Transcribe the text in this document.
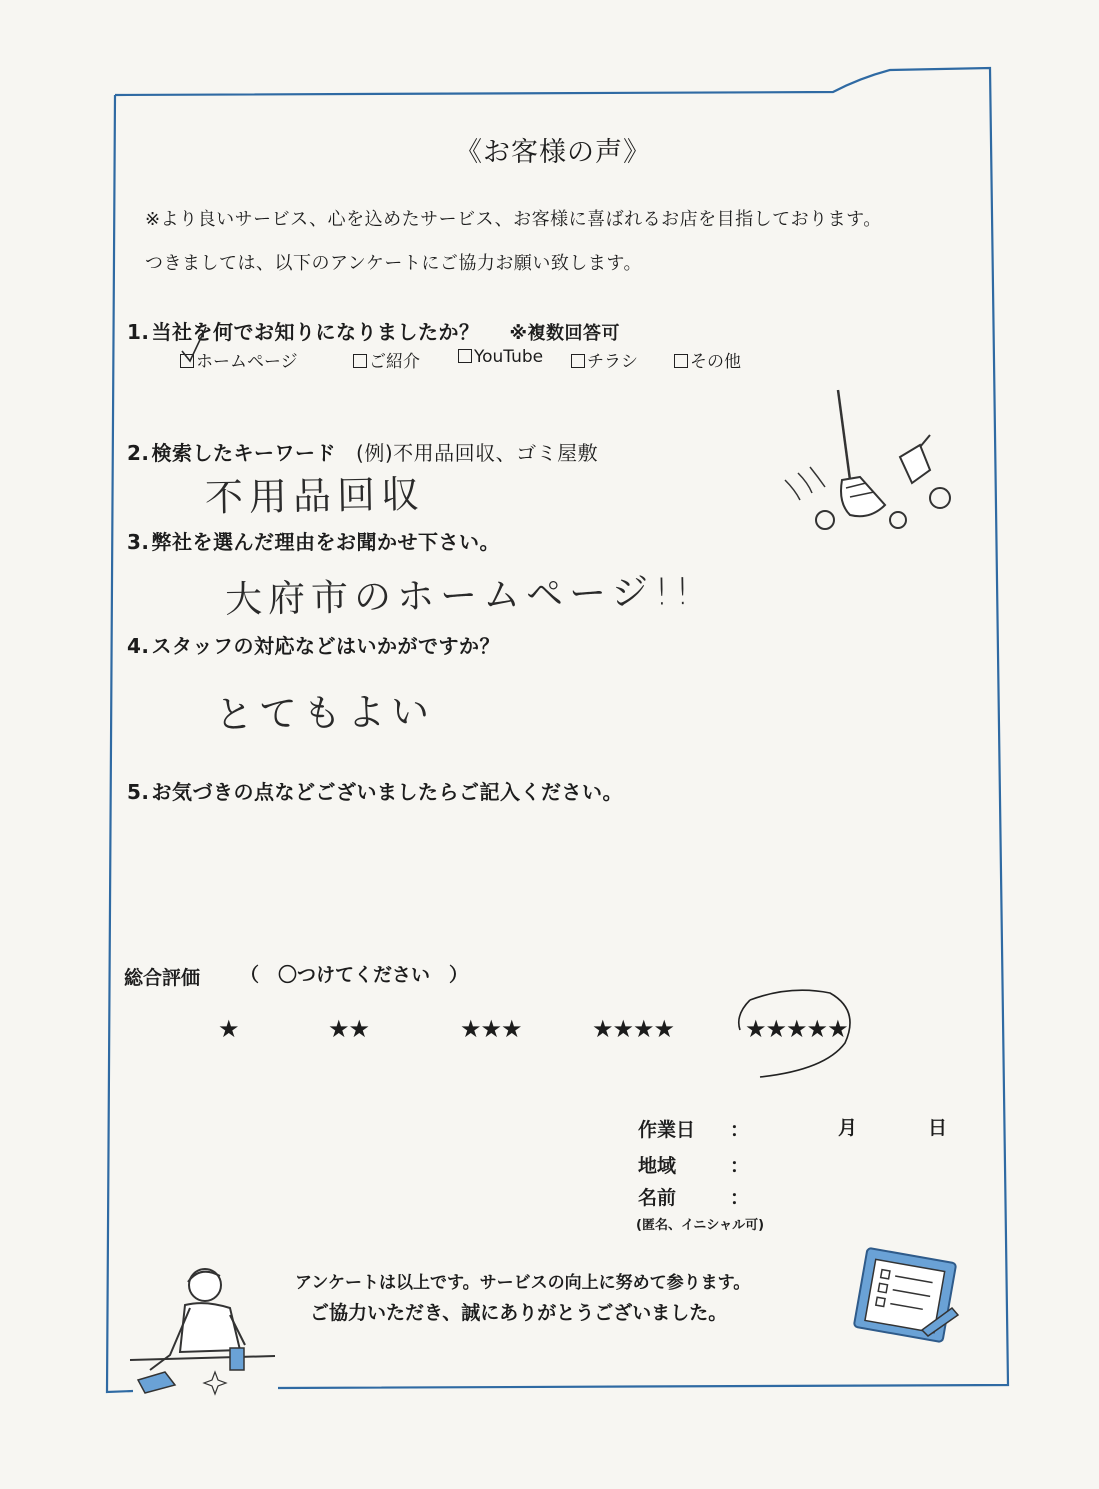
《お客様の声》
※より良いサービス、心を込めたサービス、お客様に喜ばれるお店を目指しております。
つきましては、以下のアンケートにご協力お願い致します。
1. 当社を何でお知りになりましたか？ ※複数回答可
ホームページ	ご紹介	YouTube	チラシ	その他
2. 検索したキーワード (例)不用品回収、ゴミ屋敷
不用品回収
3. 弊社を選んだ理由をお聞かせ下さい。
大府市のホームページ!!
4. スタッフの対応などはいかがですか？
とてもよい
5. お気づきの点などございましたらご記入ください。
総合評価 （　〇つけてください　）
★	★★	★★★	★★★★	★★★★★
作業日 ：	月	日
地域	：
名前	：
(匿名、イニシャル可)
アンケートは以上です。サービスの向上に努めて参ります。
ご協力いただき、誠にありがとうございました。
